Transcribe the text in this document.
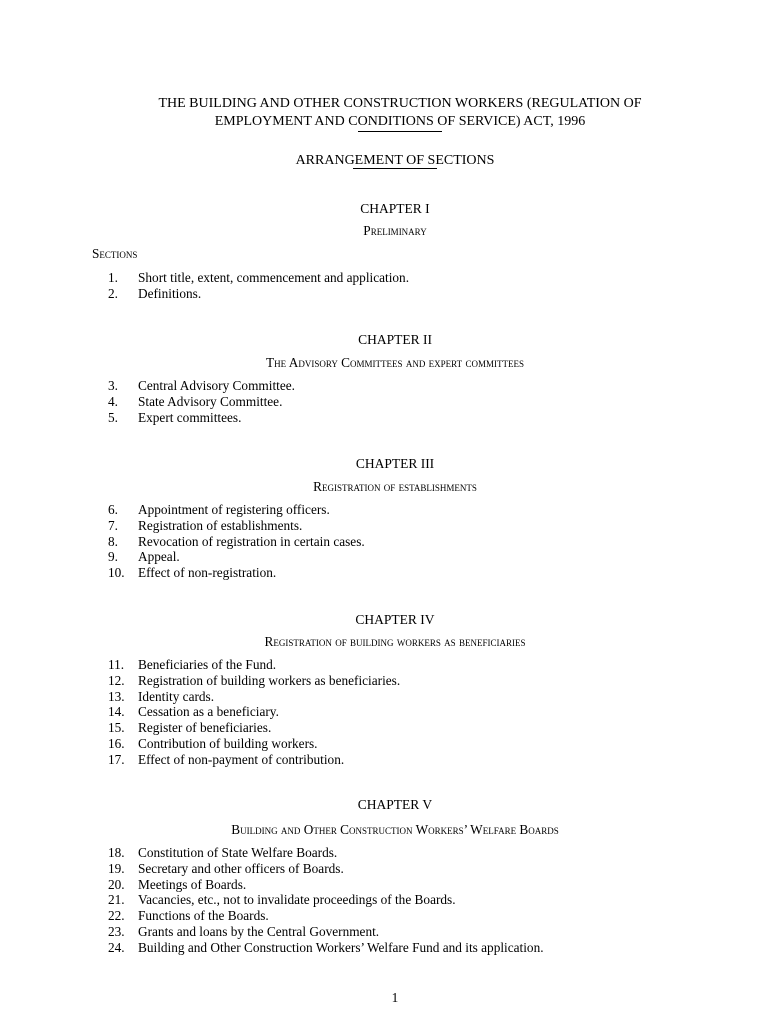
THE BUILDING AND OTHER CONSTRUCTION WORKERS (REGULATION OF
EMPLOYMENT AND CONDITIONS OF SERVICE) ACT, 1996
ARRANGEMENT OF SECTIONS
CHAPTER I
Preliminary
Sections
1. Short title, extent, commencement and application.
2. Definitions.
CHAPTER II
The Advisory Committees and expert committees
3. Central Advisory Committee.
4. State Advisory Committee.
5. Expert committees.
CHAPTER III
Registration of establishments
6. Appointment of registering officers.
7. Registration of establishments.
8. Revocation of registration in certain cases.
9. Appeal.
10. Effect of non-registration.
CHAPTER IV
Registration of building workers as beneficiaries
11. Beneficiaries of the Fund.
12. Registration of building workers as beneficiaries.
13. Identity cards.
14. Cessation as a beneficiary.
15. Register of beneficiaries.
16. Contribution of building workers.
17. Effect of non-payment of contribution.
CHAPTER V
Building and Other Construction Workers’ Welfare Boards
18. Constitution of State Welfare Boards.
19. Secretary and other officers of Boards.
20. Meetings of Boards.
21. Vacancies, etc., not to invalidate proceedings of the Boards.
22. Functions of the Boards.
23. Grants and loans by the Central Government.
24. Building and Other Construction Workers’ Welfare Fund and its application.
1
